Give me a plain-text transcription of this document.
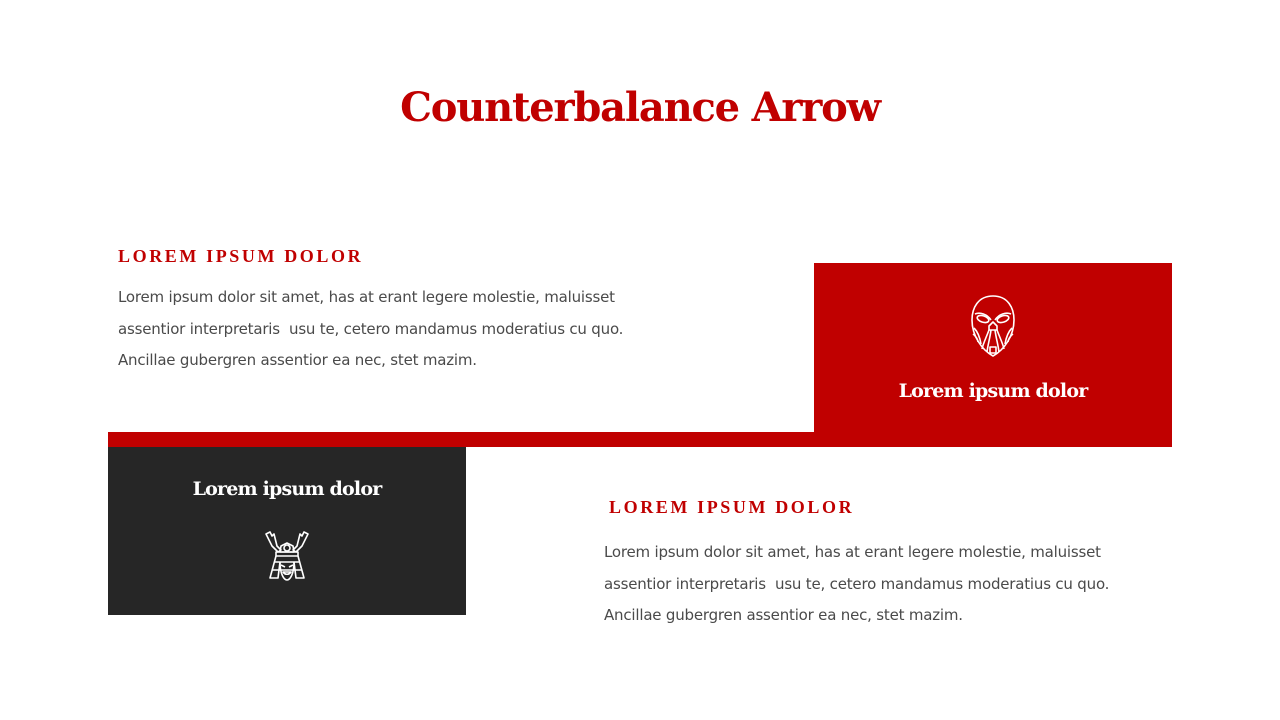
Counterbalance Arrow
LOREM IPSUM DOLOR
Lorem ipsum dolor sit amet, has at erant legere molestie, maluisset
assentior interpretaris  usu te, cetero mandamus moderatius cu quo.
Ancillae gubergren assentior ea nec, stet mazim.
Lorem ipsum dolor
Lorem ipsum dolor
LOREM IPSUM DOLOR
Lorem ipsum dolor sit amet, has at erant legere molestie, maluisset
assentior interpretaris  usu te, cetero mandamus moderatius cu quo.
Ancillae gubergren assentior ea nec, stet mazim.
